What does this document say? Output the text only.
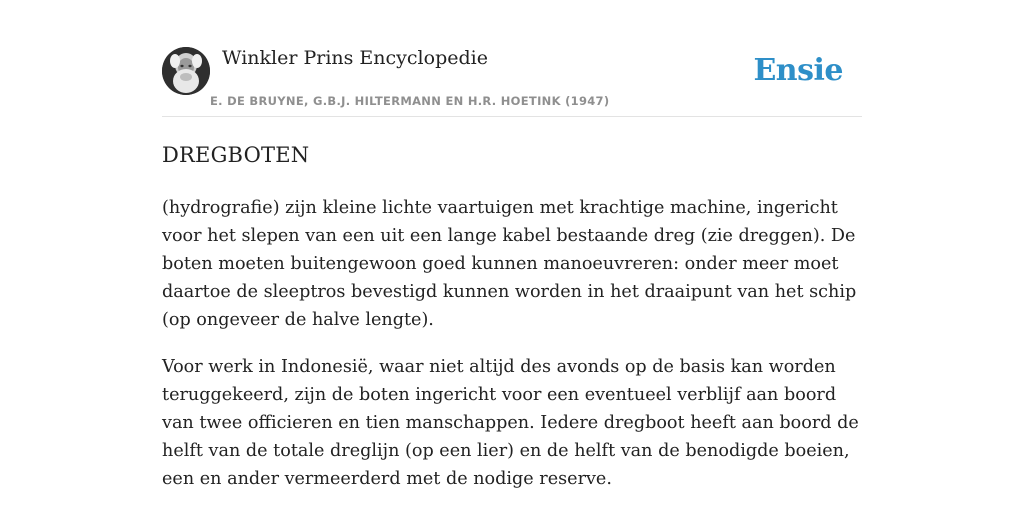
Winkler Prins Encyclopedie
E. DE BRUYNE, G.B.J. HILTERMANN EN H.R. HOETINK (1947)
Ensie
DREGBOTEN

(hydrografie) zijn kleine lichte vaartuigen met krachtige machine, ingericht voor het slepen van een uit een lange kabel bestaande dreg (zie dreggen). De boten moeten buitengewoon goed kunnen manoeuvreren: onder meer moet daartoe de sleeptros bevestigd kunnen worden in het draaipunt van het schip (op ongeveer de halve lengte).

Voor werk in Indonesië, waar niet altijd des avonds op de basis kan worden teruggekeerd, zijn de boten ingericht voor een eventueel verblijf aan boord van twee officieren en tien manschappen. Iedere dregboot heeft aan boord de helft van de totale dreglijn (op een lier) en de helft van de benodigde boeien, een en ander vermeerderd met de nodige reserve.
